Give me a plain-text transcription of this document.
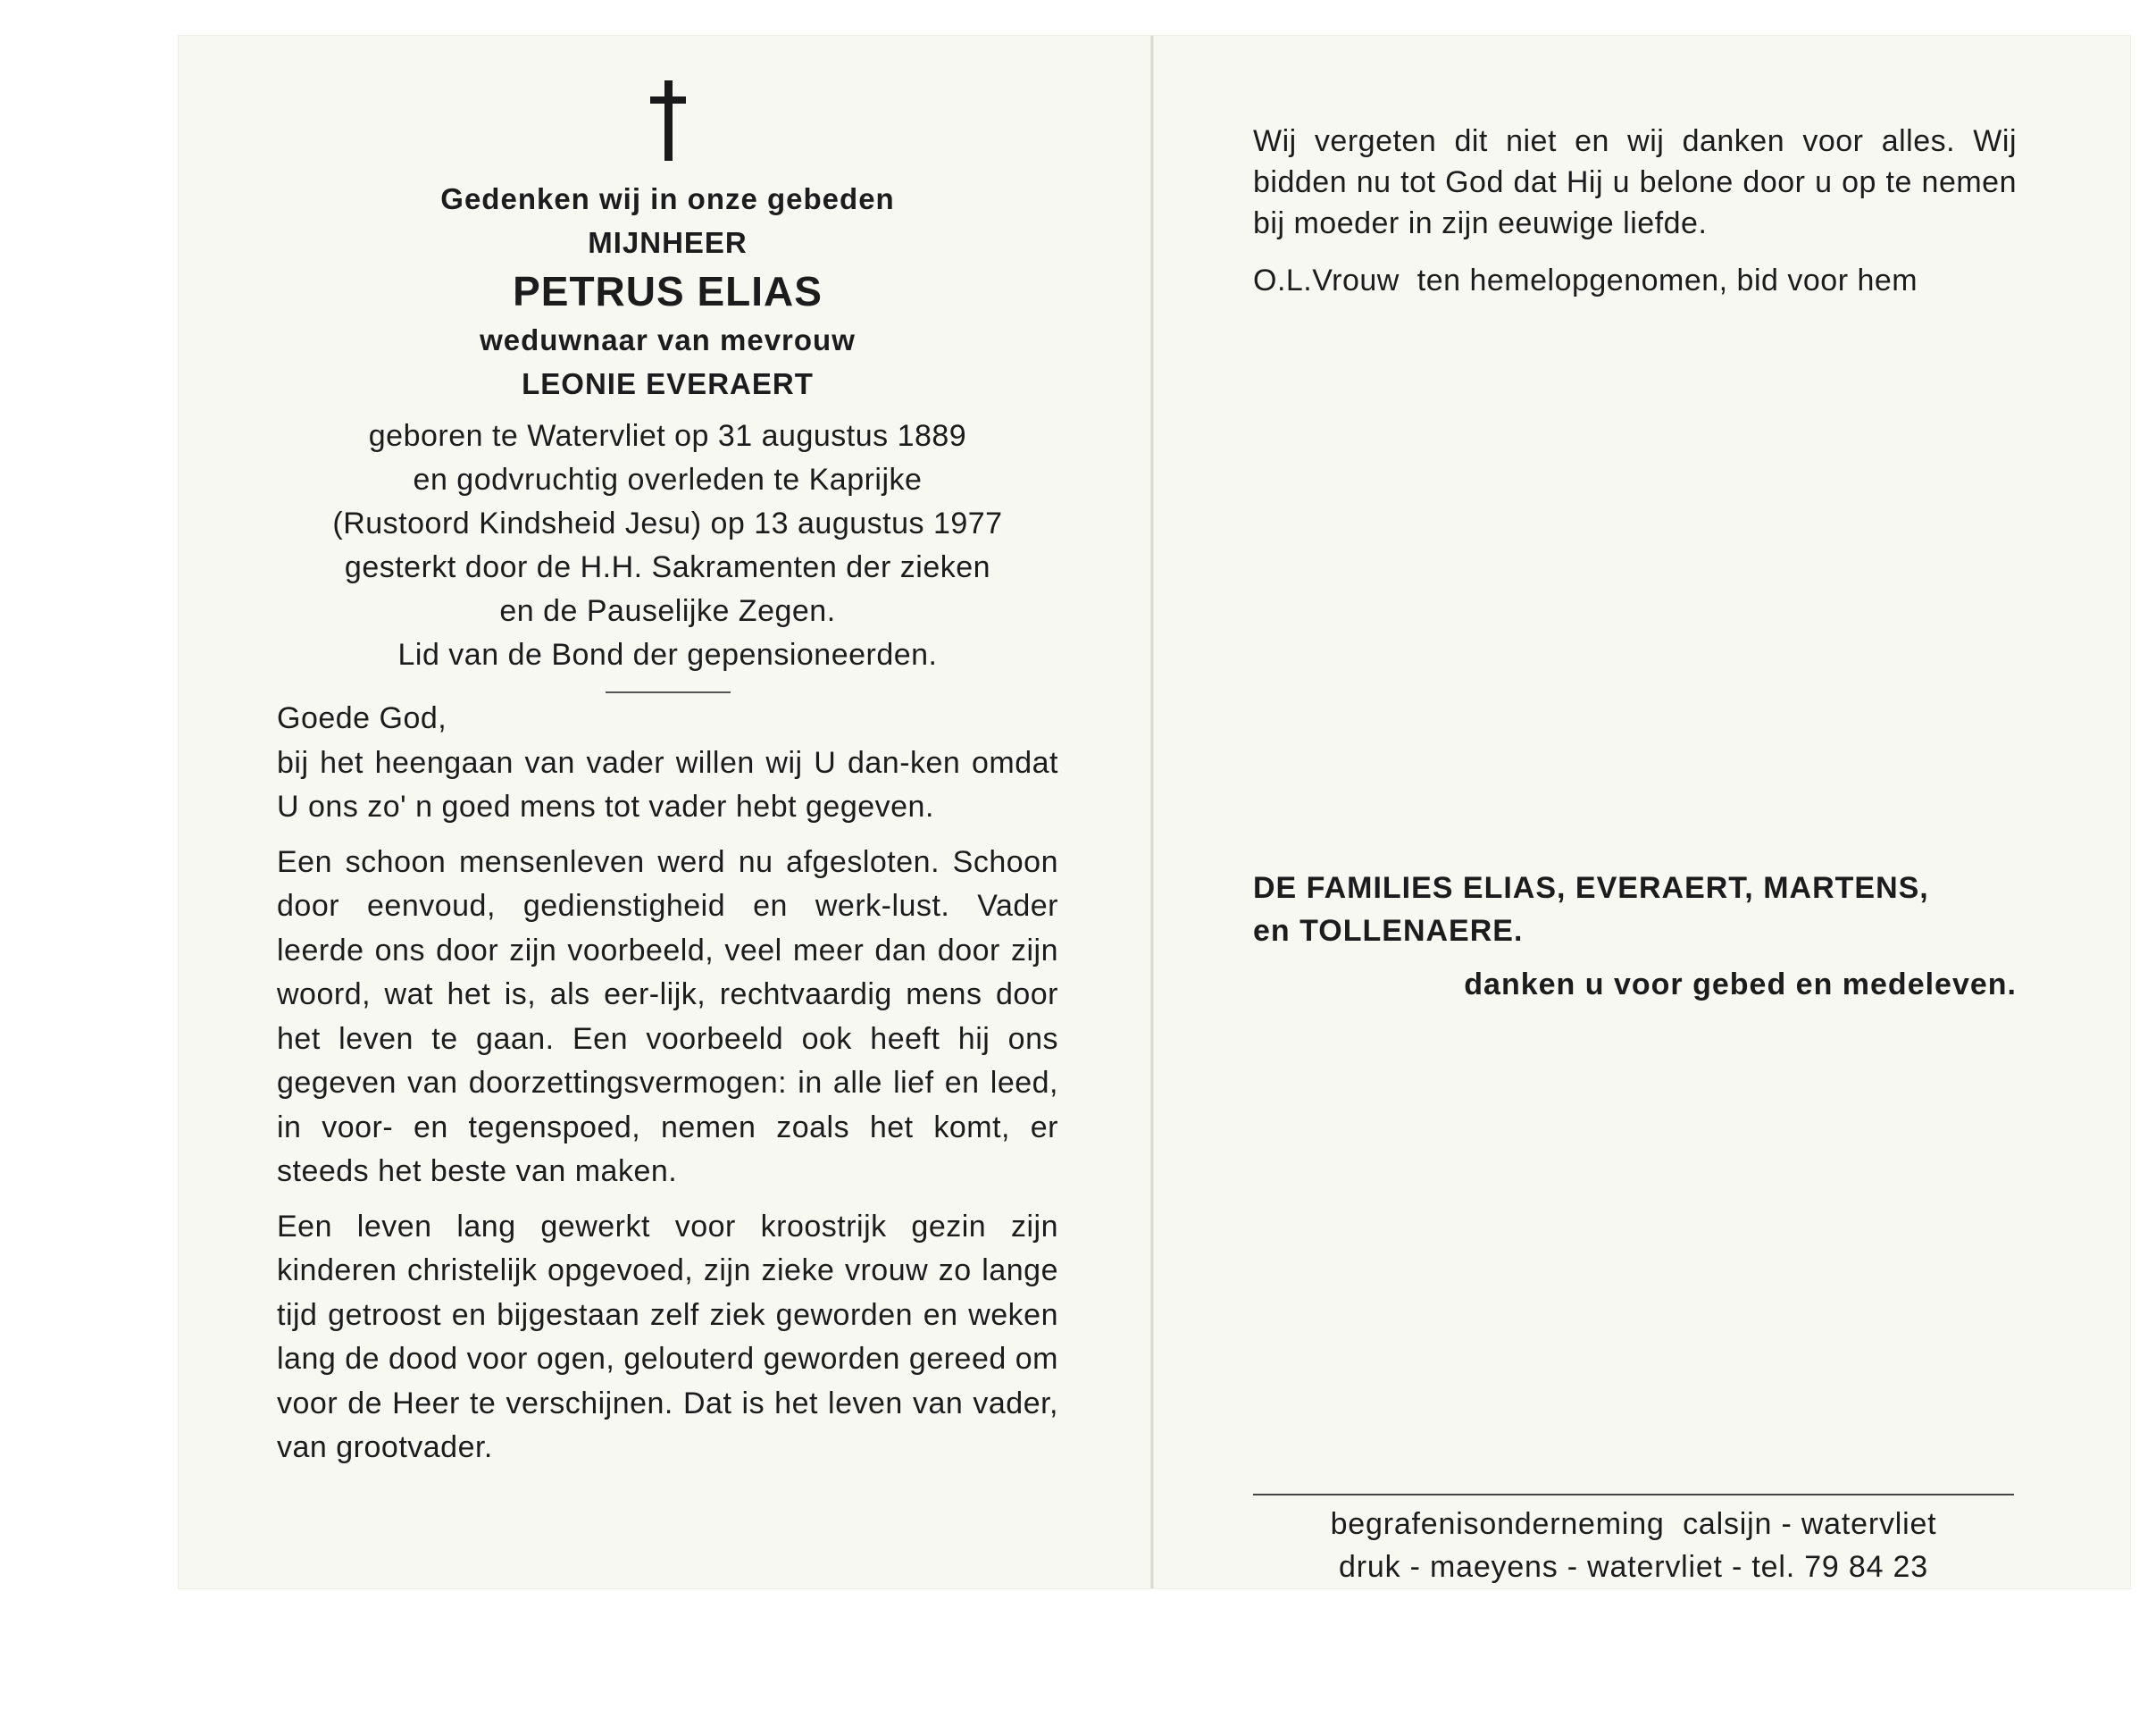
Gedenken wij in onze gebeden
MIJNHEER
PETRUS ELIAS
weduwnaar van mevrouw
LEONIE EVERAERT
geboren te Watervliet op 31 augustus 1889
en godvruchtig overleden te Kaprijke
(Rustoord Kindsheid Jesu) op 13 augustus 1977
gesterkt door de H.H. Sakramenten der zieken
en de Pauselijke Zegen.
Lid van de Bond der gepensioneerden.

Goede God,
bij het heengaan van vader willen wij U dan-ken omdat U ons zo' n goed mens tot vader hebt gegeven.

Een schoon mensenleven werd nu afgesloten. Schoon door eenvoud, gedienstigheid en werk-lust. Vader leerde ons door zijn voorbeeld, veel meer dan door zijn woord, wat het is, als eer-lijk, rechtvaardig mens door het leven te gaan. Een voorbeeld ook heeft hij ons gegeven van doorzettingsvermogen: in alle lief en leed, in voor- en tegenspoed, nemen zoals het komt, er steeds het beste van maken.

Een leven lang gewerkt voor kroostrijk gezin zijn kinderen christelijk opgevoed, zijn zieke vrouw zo lange tijd getroost en bijgestaan zelf ziek geworden en weken lang de dood voor ogen, gelouterd geworden gereed om voor de Heer te verschijnen. Dat is het leven van vader, van grootvader.

Wij vergeten dit niet en wij danken voor alles. Wij bidden nu tot God dat Hij u belone door u op te nemen bij moeder in zijn eeuwige liefde.

O.L.Vrouw  ten hemelopgenomen, bid voor hem
DE FAMILIES ELIAS, EVERAERT, MARTENS,
en TOLLENAERE.
danken u voor gebed en medeleven.
begrafenisonderneming  calsijn - watervliet
druk - maeyens - watervliet - tel. 79 84 23
